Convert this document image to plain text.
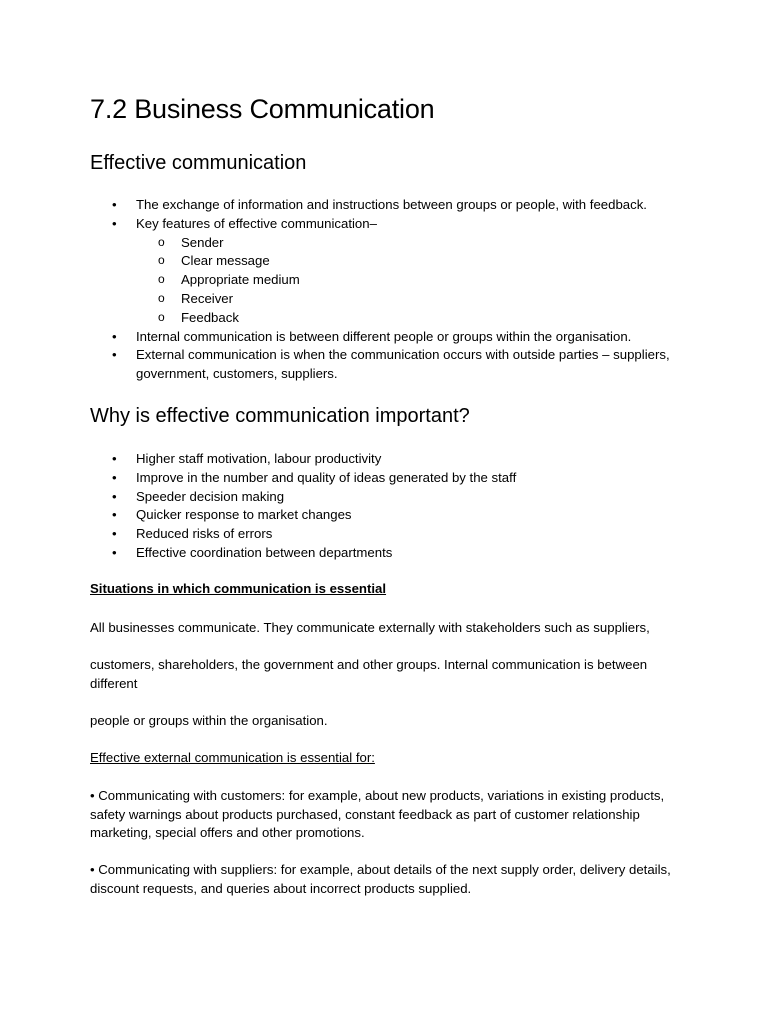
7.2 Business Communication
Effective communication
• The exchange of information and instructions between groups or people, with feedback.
• Key features of effective communication–
o Sender
o Clear message
o Appropriate medium
o Receiver
o Feedback
• Internal communication is between different people or groups within the organisation.
• External communication is when the communication occurs with outside parties – suppliers, government, customers, suppliers.
Why is effective communication important?
• Higher staff motivation, labour productivity
• Improve in the number and quality of ideas generated by the staff
• Speeder decision making
• Quicker response to market changes
• Reduced risks of errors
• Effective coordination between departments
Situations in which communication is essential

All businesses communicate. They communicate externally with stakeholders such as suppliers,

customers, shareholders, the government and other groups. Internal communication is between different

people or groups within the organisation.

Effective external communication is essential for:

• Communicating with customers: for example, about new products, variations in existing products, safety warnings about products purchased, constant feedback as part of customer relationship marketing, special offers and other promotions.

• Communicating with suppliers: for example, about details of the next supply order, delivery details, discount requests, and queries about incorrect products supplied.
